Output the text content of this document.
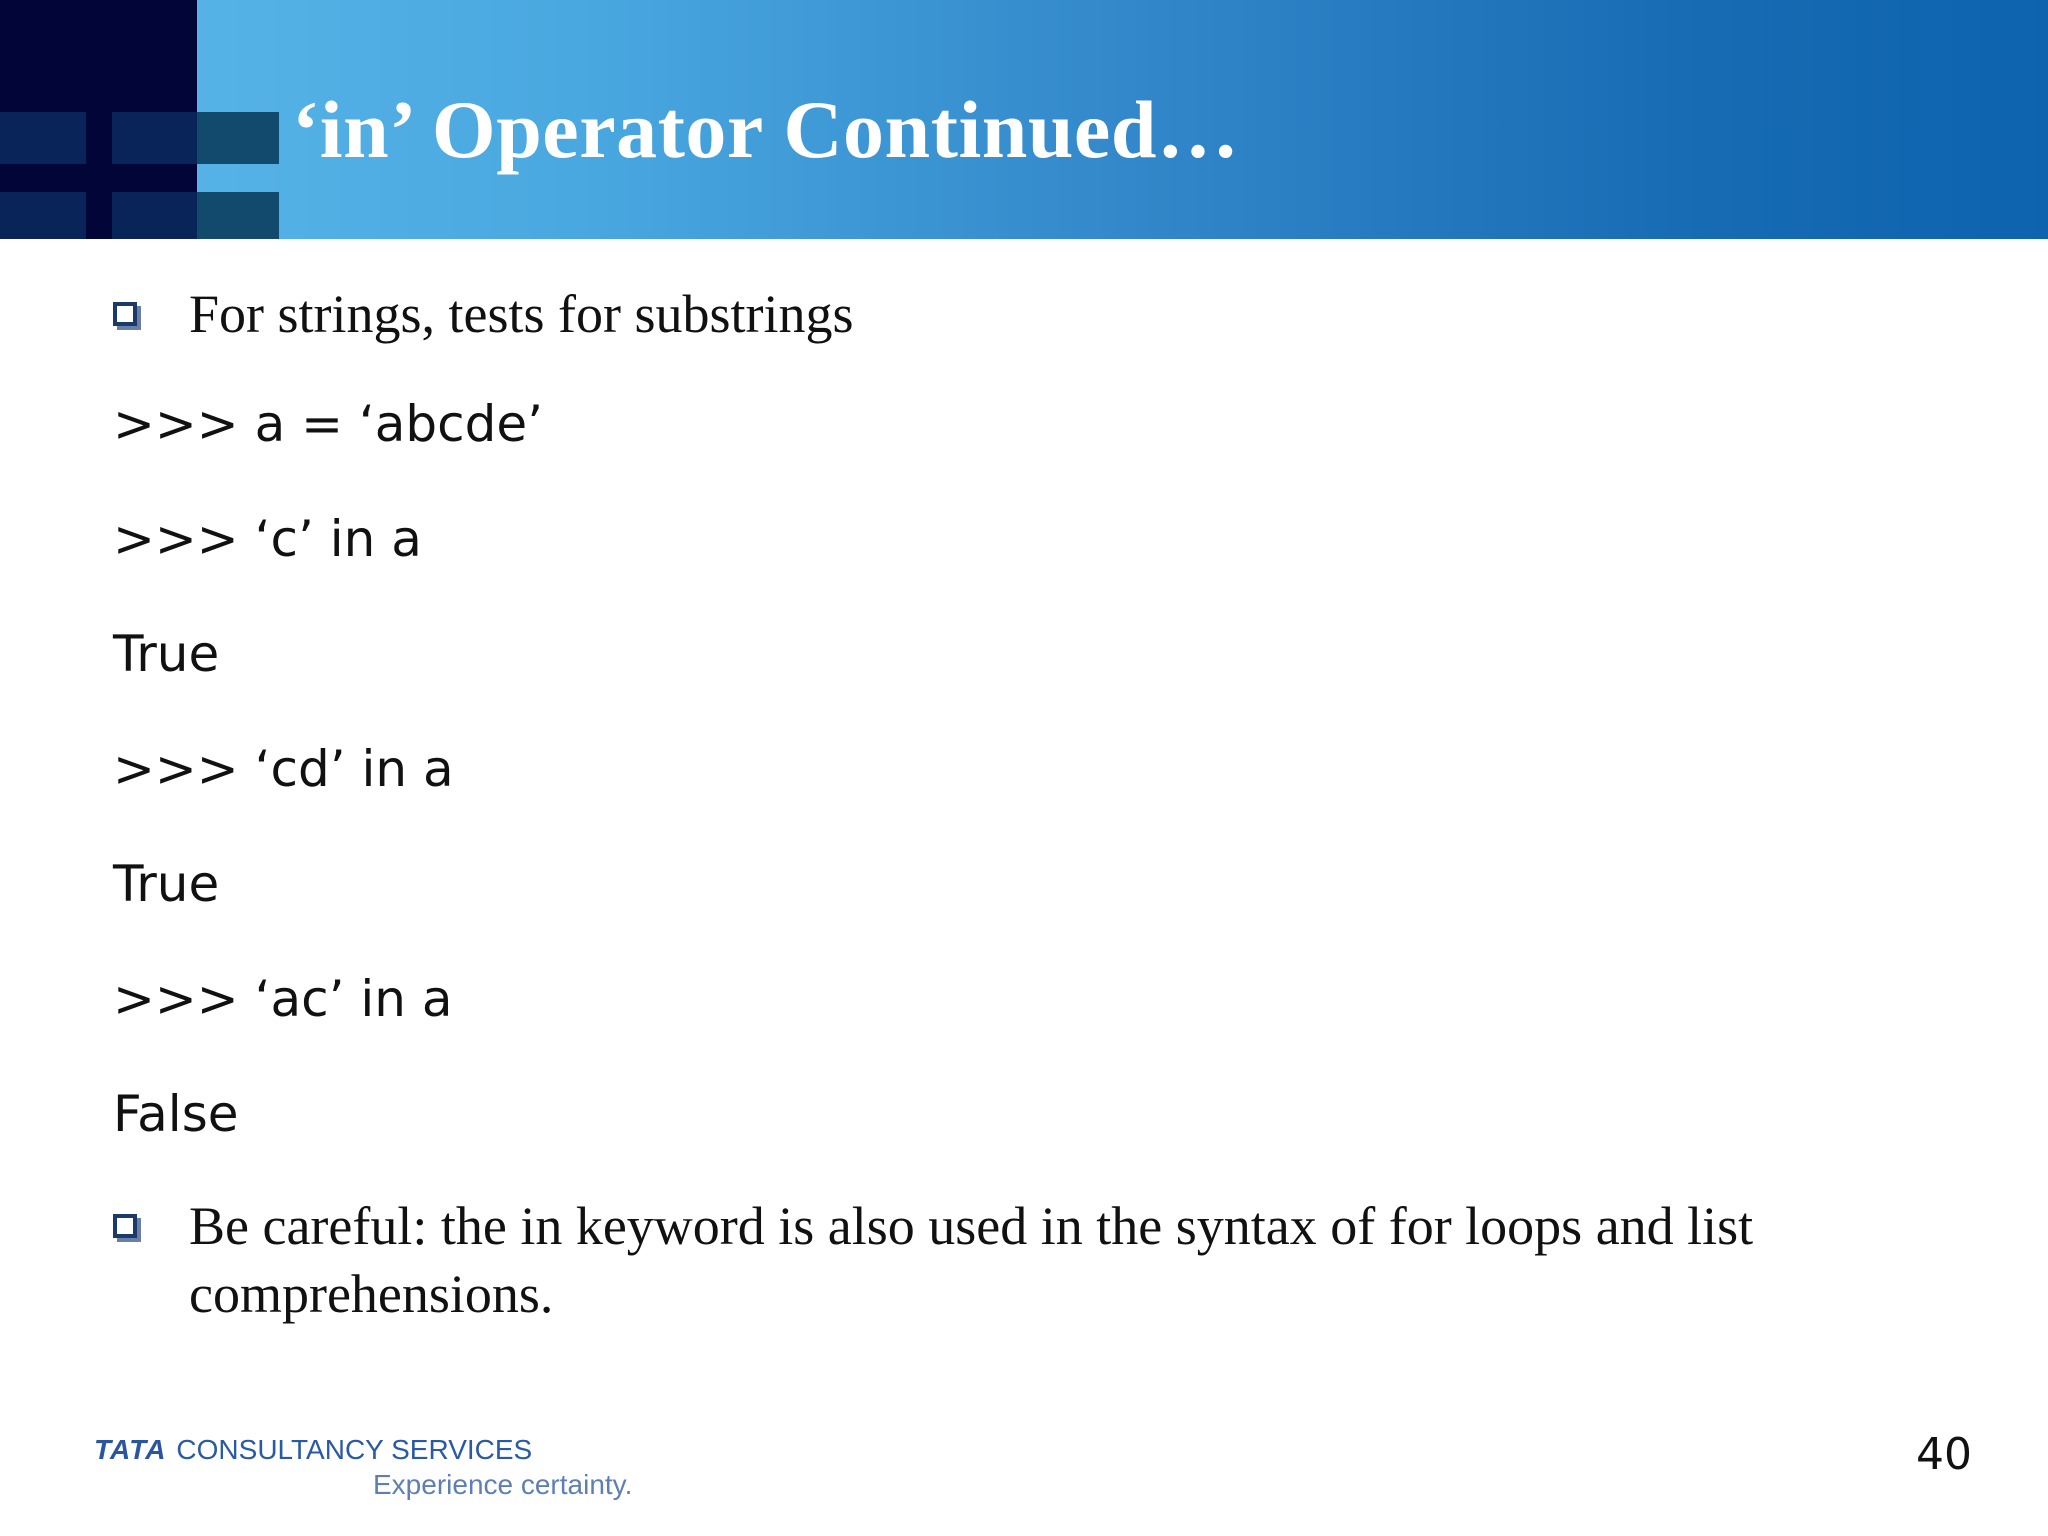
‘in’ Operator Continued…
For strings, tests for substrings

>>> a = ‘abcde’

>>> ‘c’ in a

True

>>> ‘cd’ in a

True

>>> ‘ac’ in a

False

Be careful: the in keyword is also used in the syntax of for loops and list comprehensions.
TATA CONSULTANCY SERVICES
Experience certainty.
40
